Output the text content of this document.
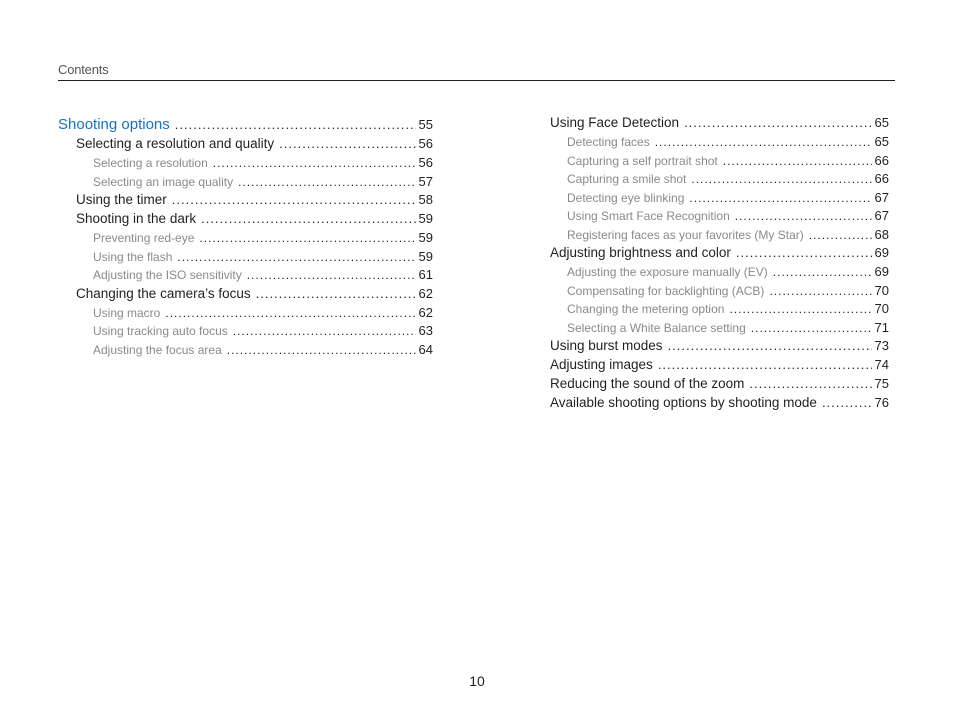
Contents
Shooting options .....	55
Selecting a resolution and quality .....	56
Selecting a resolution .....	56
Selecting an image quality .....	57
Using the timer .....	58
Shooting in the dark .....	59
Preventing red-eye .....	59
Using the flash .....	59
Adjusting the ISO sensitivity .....	61
Changing the camera’s focus .....	62
Using macro .....	62
Using tracking auto focus .....	63
Adjusting the focus area .....	64
Using Face Detection .....	65
Detecting faces .....	65
Capturing a self portrait shot .....	66
Capturing a smile shot .....	66
Detecting eye blinking .....	67
Using Smart Face Recognition .....	67
Registering faces as your favorites (My Star) .....	68
Adjusting brightness and color .....	69
Adjusting the exposure manually (EV) .....	69
Compensating for backlighting (ACB) .....	70
Changing the metering option .....	70
Selecting a White Balance setting .....	71
Using burst modes .....	73
Adjusting images .....	74
Reducing the sound of the zoom .....	75
Available shooting options by shooting mode .....	76
10
